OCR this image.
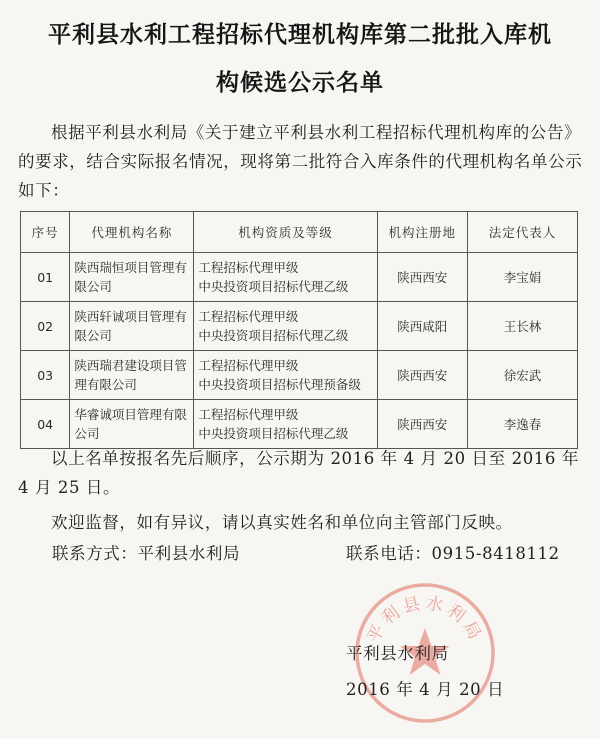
平利县水利工程招标代理机构库第二批批入库机
构候选公示名单
根据平利县水利局《关于建立平利县水利工程招标代理机构库的公告》的要求，结合实际报名情况，现将第二批符合入库条件的代理机构名单公示如下：
序号	代理机构名称	机构资质及等级	机构注册地	法定代表人
01	陕西瑞恒项目管理有限公司	工程招标代理甲级
中央投资项目招标代理乙级	陕西西安	李宝娟
02	陕西轩诚项目管理有限公司	工程招标代理甲级
中央投资项目招标代理乙级	陕西咸阳	王长林
03	陕西瑞君建设项目管理有限公司	工程招标代理甲级
中央投资项目招标代理预备级	陕西西安	徐宏武
04	华睿诚项目管理有限公司	工程招标代理甲级
中央投资项目招标代理乙级	陕西西安	李逸春
以上名单按报名先后顺序，公示期为 2016 年 4 月 20 日至 2016 年 4 月 25 日。
欢迎监督，如有异议，请以真实姓名和单位向主管部门反映。
联系方式：平利县水利局	联系电话：0915-8418112
平利县水利局
平利县水利局
2016 年 4 月 20 日
